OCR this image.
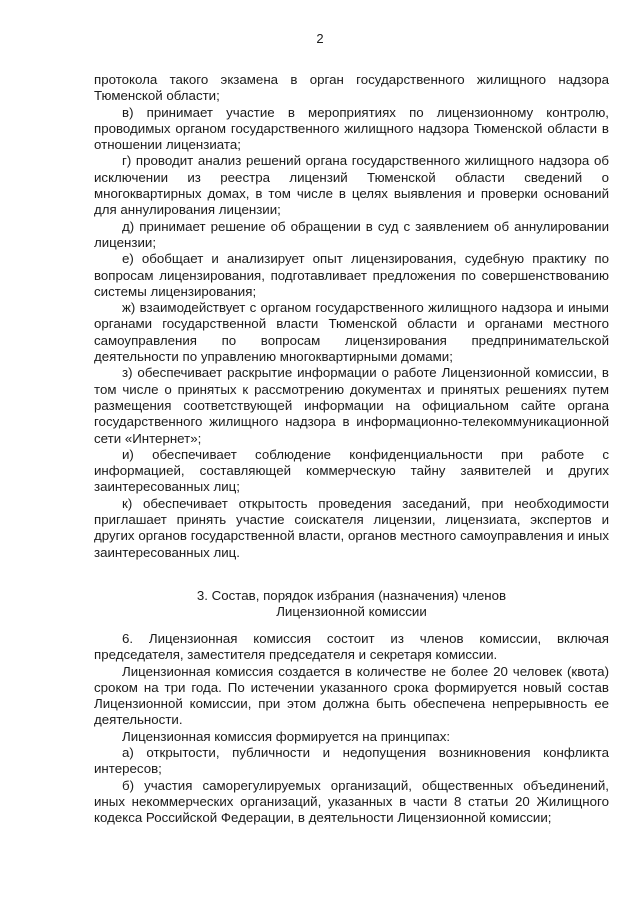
2

протокола такого экзамена в орган государственного жилищного надзора Тюменской области;

в) принимает участие в мероприятиях по лицензионному контролю, проводимых органом государственного жилищного надзора Тюменской области в отношении лицензиата;

г) проводит анализ решений органа государственного жилищного надзора об исключении из реестра лицензий Тюменской области сведений о многоквартирных домах, в том числе в целях выявления и проверки оснований для аннулирования лицензии;

д) принимает решение об обращении в суд с заявлением об аннулировании лицензии;

е) обобщает и анализирует опыт лицензирования, судебную практику по вопросам лицензирования, подготавливает предложения по совершенствованию системы лицензирования;

ж) взаимодействует с органом государственного жилищного надзора и иными органами государственной власти Тюменской области и органами местного самоуправления по вопросам лицензирования предпринимательской деятельности по управлению многоквартирными домами;

з) обеспечивает раскрытие информации о работе Лицензионной комиссии, в том числе о принятых к рассмотрению документах и принятых решениях путем размещения соответствующей информации на официальном сайте органа государственного жилищного надзора в информационно-телекоммуникационной сети «Интернет»;

и) обеспечивает соблюдение конфиденциальности при работе с информацией, составляющей коммерческую тайну заявителей и других заинтересованных лиц;

к) обеспечивает открытость проведения заседаний, при необходимости приглашает принять участие соискателя лицензии, лицензиата, экспертов и других органов государственной власти, органов местного самоуправления и иных заинтересованных лиц.

3. Состав, порядок избрания (назначения) членов
Лицензионной комиссии

6. Лицензионная комиссия состоит из членов комиссии, включая председателя, заместителя председателя и секретаря комиссии.

Лицензионная комиссия создается в количестве не более 20 человек (квота) сроком на три года. По истечении указанного срока формируется новый состав Лицензионной комиссии, при этом должна быть обеспечена непрерывность ее деятельности.

Лицензионная комиссия формируется на принципах:

а) открытости, публичности и недопущения возникновения конфликта интересов;

б) участия саморегулируемых организаций, общественных объединений, иных некоммерческих организаций, указанных в части 8 статьи 20 Жилищного кодекса Российской Федерации, в деятельности Лицензионной комиссии;
